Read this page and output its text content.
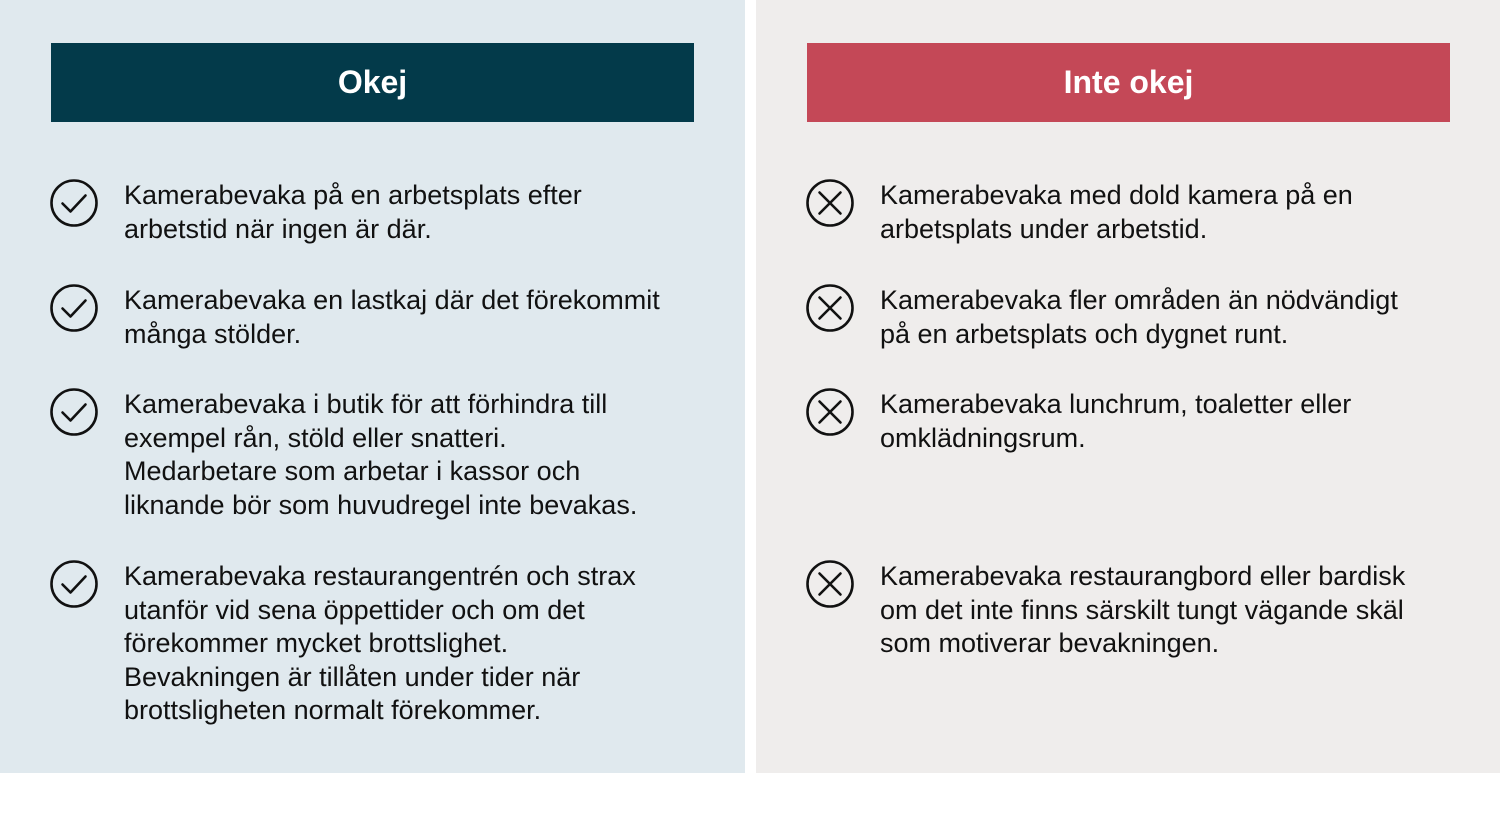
Okej
Kamerabevaka på en arbetsplats efter
arbetstid när ingen är där.
Kamerabevaka en lastkaj där det förekommit
många stölder.
Kamerabevaka i butik för att förhindra till
exempel rån, stöld eller snatteri.
Medarbetare som arbetar i kassor och
liknande bör som huvudregel inte bevakas.
Kamerabevaka restaurangentrén och strax
utanför vid sena öppettider och om det
förekommer mycket brottslighet.
Bevakningen är tillåten under tider när
brottsligheten normalt förekommer.
Inte okej
Kamerabevaka med dold kamera på en
arbetsplats under arbetstid.
Kamerabevaka fler områden än nödvändigt
på en arbetsplats och dygnet runt.
Kamerabevaka lunchrum, toaletter eller
omklädningsrum.
Kamerabevaka restaurangbord eller bardisk
om det inte finns särskilt tungt vägande skäl
som motiverar bevakningen.
